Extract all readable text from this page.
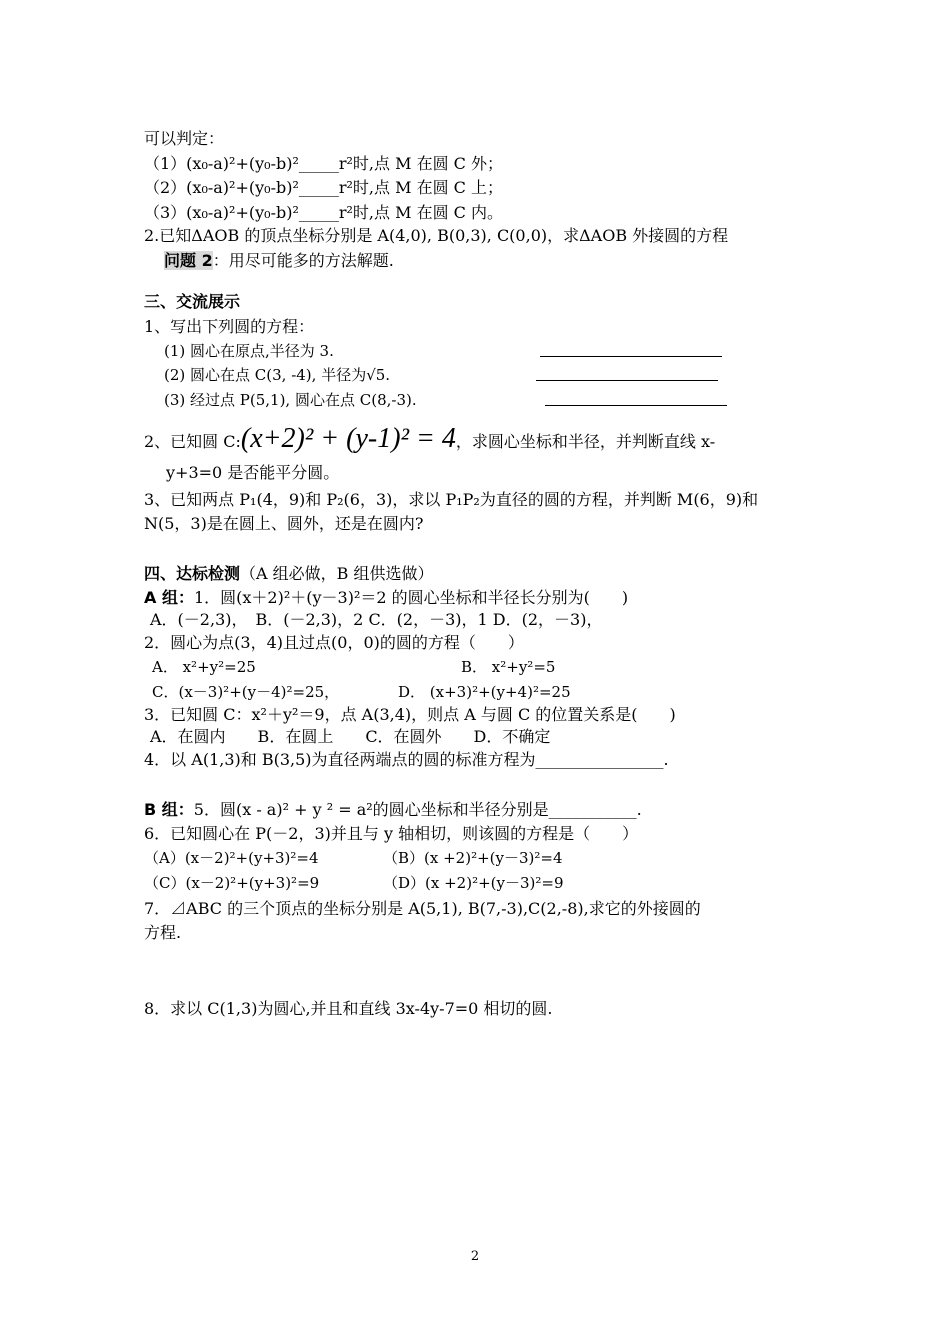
可以判定：
（1）(x₀-a)²+(y₀-b)²_____r²时,点 M 在圆 C 外；
（2）(x₀-a)²+(y₀-b)²_____r²时,点 M 在圆 C 上；
（3）(x₀-a)²+(y₀-b)²_____r²时,点 M 在圆 C 内。
2.已知ΔAOB 的顶点坐标分别是 A(4,0), B(0,3), C(0,0)，求ΔAOB 外接圆的方程
问题 2：用尽可能多的方法解题.
三、交流展示
1、写出下列圆的方程：
(1) 圆心在原点,半径为 3.
(2) 圆心在点 C(3, -4), 半径为√5.
(3) 经过点 P(5,1), 圆心在点 C(8,-3).
2、已知圆 C:(x+2)² + (y-1)² = 4，求圆心坐标和半径，并判断直线 x-
y+3=0 是否能平分圆。
3、已知两点 P₁(4，9)和 P₂(6，3)，求以 P₁P₂为直径的圆的方程，并判断 M(6，9)和
N(5，3)是在圆上、圆外，还是在圆内?
四、达标检测（A 组必做，B 组供选做）
A 组：1．圆(x＋2)²＋(y－3)²＝2 的圆心坐标和半径长分别为(　　)
A．(－2,3)，　B．(－2,3)，2 C．(2，－3)，1 D．(2，－3)，
2．圆心为点(3，4)且过点(0，0)的圆的方程（　　）
A． x²+y²=25	B． x²+y²=5
C．(x－3)²+(y－4)²=25，	D． (x+3)²+(y+4)²=25
3．已知圆 C：x²＋y²＝9，点 A(3,4)，则点 A 与圆 C 的位置关系是(　　)
A．在圆内　　B．在圆上　　C．在圆外　　D．不确定
4．以 A(1,3)和 B(3,5)为直径两端点的圆的标准方程为________________.
B 组：5．圆(x - a)² + y ² = a²的圆心坐标和半径分别是___________.
6．已知圆心在 P(－2，3)并且与 y 轴相切，则该圆的方程是（　　）
（A）(x－2)²+(y+3)²=4	（B）(x +2)²+(y－3)²=4
（C）(x－2)²+(y+3)²=9	（D）(x +2)²+(y－3)²=9
7．⊿ABC 的三个顶点的坐标分别是 A(5,1), B(7,-3),C(2,-8),求它的外接圆的
方程.
8．求以 C(1,3)为圆心,并且和直线 3x-4y-7=0 相切的圆.
2
